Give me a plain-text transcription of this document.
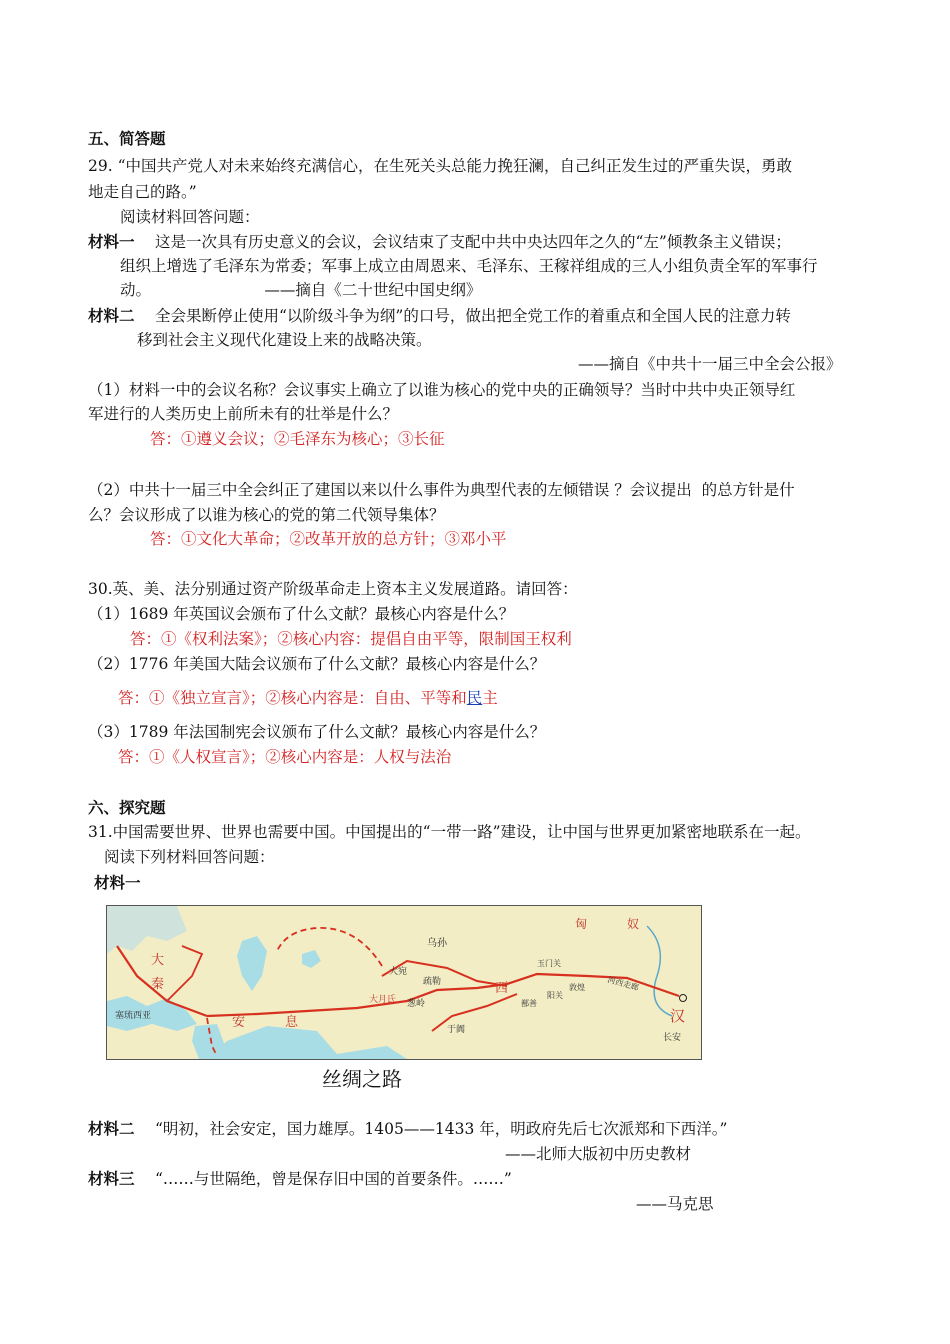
五、简答题
29. “中国共产党人对未来始终充满信心，在生死关头总能力挽狂澜，自己纠正发生过的严重失误，勇敢
地走自己的路。”
阅读材料回答问题：
材料一 这是一次具有历史意义的会议，会议结束了支配中共中央达四年之久的“左”倾教条主义错误；
组织上增选了毛泽东为常委；军事上成立由周恩来、毛泽东、王稼祥组成的三人小组负责全军的军事行
动。                       ——摘自《二十世纪中国史纲》
材料二 全会果断停止使用“以阶级斗争为纲”的口号，做出把全党工作的着重点和全国人民的注意力转
移到社会主义现代化建设上来的战略决策。
——摘自《中共十一届三中全会公报》
（1）材料一中的会议名称？会议事实上确立了以谁为核心的党中央的正确领导？当时中共中央正领导红
军进行的人类历史上前所未有的壮举是什么？
答：①遵义会议；②毛泽东为核心；③长征
（2）中共十一届三中全会纠正了建国以来以什么事件为典型代表的左倾错误 ？会议提出  的总方针是什
么？会议形成了以谁为核心的党的第二代领导集体？
答：①文化大革命；②改革开放的总方针；③邓小平
30.英、美、法分别通过资产阶级革命走上资本主义发展道路。请回答：
（1）1689 年英国议会颁布了什么文献？最核心内容是什么？
答：①《权利法案》；②核心内容：提倡自由平等，限制国王权利
（2）1776 年美国大陆会议颁布了什么文献？最核心内容是什么？
答：①《独立宣言》；②核心内容是：自由、平等和民主
（3）1789 年法国制宪会议颁布了什么文献？最核心内容是什么？
答：①《人权宣言》；②核心内容是：人权与法治
六、探究题
31.中国需要世界、世界也需要中国。中国提出的“一带一路”建设，让中国与世界更加紧密地联系在一起。
阅读下列材料回答问题：
材料一
匈	奴
大
秦
安	息
乌孙
大宛
疏勒
大月氏 葱岭
西
玉门关
敦煌
阳关
鄯善
河西走廊
汉
长安
于阗
塞琉西亚
丝绸之路
材料二 “明初，社会安定，国力雄厚。1405——1433 年，明政府先后七次派郑和下西洋。”
——北师大版初中历史教材
材料三 “……与世隔绝，曾是保存旧中国的首要条件。……”
——马克思
